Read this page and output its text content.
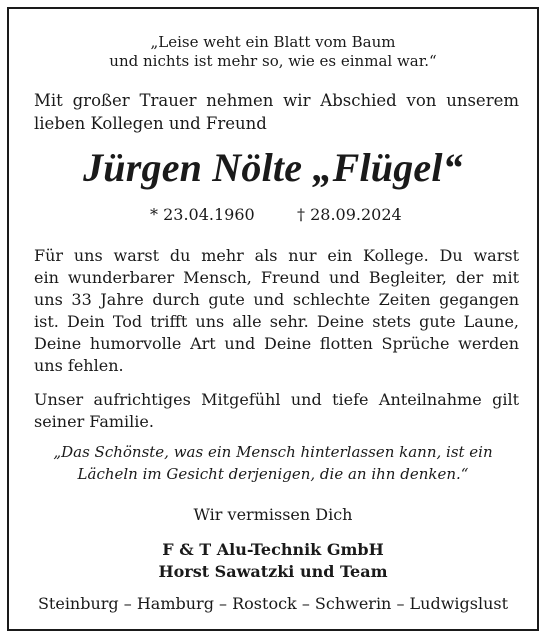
„Leise weht ein Blatt vom Baum
und nichts ist mehr so, wie es einmal war.“
Mit großer Trauer nehmen wir Abschied von unserem
lieben Kollegen und Freund
Jürgen Nölte „Flügel“
* 23.04.1960	† 28.09.2024
Für uns warst du mehr als nur ein Kollege. Du warst
ein wunderbarer Mensch, Freund und Begleiter, der mit
uns 33 Jahre durch gute und schlechte Zeiten gegangen
ist. Dein Tod trifft uns alle sehr. Deine stets gute Laune,
Deine humorvolle Art und Deine flotten Sprüche werden
uns fehlen.
Unser aufrichtiges Mitgefühl und tiefe Anteilnahme gilt
seiner Familie.
„Das Schönste, was ein Mensch hinterlassen kann, ist ein
Lächeln im Gesicht derjenigen, die an ihn denken.“
Wir vermissen Dich
F & T Alu-Technik GmbH
Horst Sawatzki und Team
Steinburg – Hamburg – Rostock – Schwerin – Ludwigslust
